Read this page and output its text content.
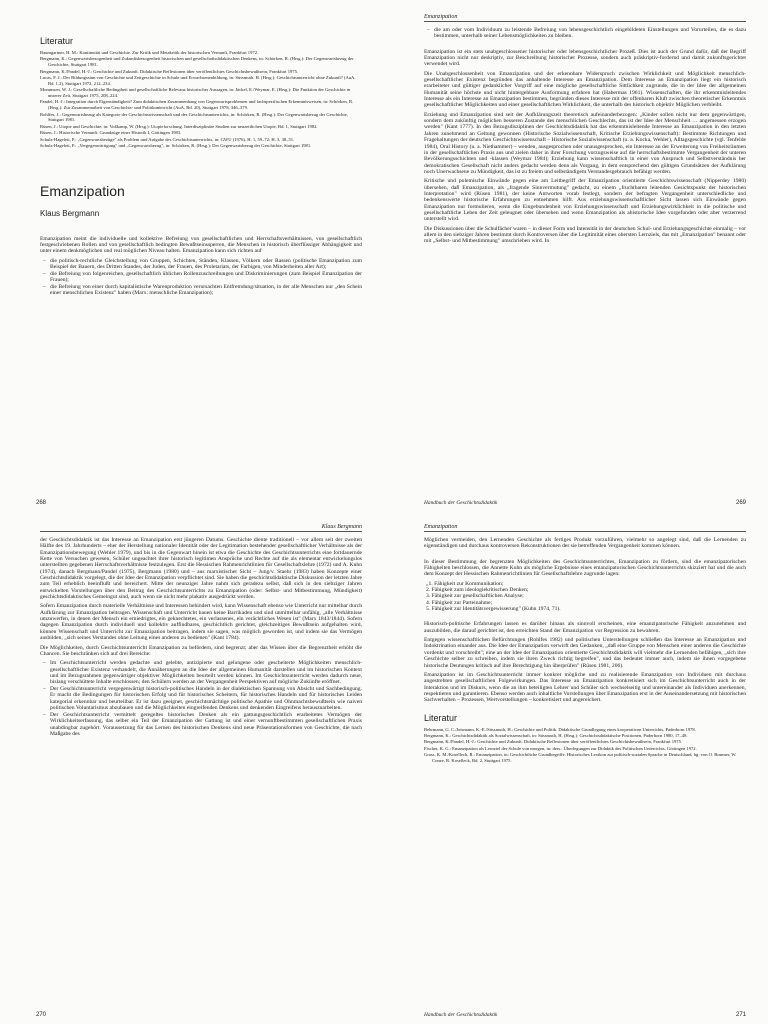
Literatur

Baumgartner, H. M.: Kontinuität und Geschichte. Zur Kritik und Metakritik der historischen Vernunft, Frankfurt 1972.

Bergmann, K.: Gegenwartsbezogenheit und Zukunftsbezogenheit historischen und gesellschaftsdidaktischen Denkens, in: Schörken, R. (Hrsg.): Der Gegenwartsbezug der Geschichte, Stuttgart 1981.

Bergmann, K./Pandel, H.-J.: Geschichte und Zukunft. Didaktische Reflexionen über veröffentlichtes Geschichtsbewußtsein, Frankfurt 1975.

Lucas, F. J.: Der Bildungssinn von Geschichte und Zeitgeschichte in Schule und Erwachsenenbildung, in: Süssmuth, H. (Hrsg.): Geschichtsunterricht ohne Zukunft? (AuA, Bd. 1,2), Stuttgart 1972, 212–234.

Mommsen, W. J.: Gesellschaftliche Bedingtheit und gesellschaftliche Relevanz historischer Aussagen, in: Jäckel, E./Weymar, E. (Hrsg.): Die Funktion der Geschichte in unserer Zeit, Stuttgart 1975, 208–224.

Pandel, H.-J.: Integration durch Eigenständigkeit? Zum didaktischen Zusammenhang von Gegenwartsproblemen und fachspezifischen Erkenntnisweisen, in: Schörken, R. (Hrsg.): Zur Zusammenarbeit von Geschichts- und Politikunterricht (AuA, Bd. 20), Stuttgart 1978, 346–379.

Rohlfes, J.: Gegenwartsbezug als Kategorie der Geschichtswissenschaft und des Geschichtsunterrichts, in: Schörken, R. (Hrsg.): Der Gegenwartsbezug der Geschichte, Stuttgart 1981.

Rüsen, J.: Utopie und Geschichte, in: Voßkamp, W. (Hrsg.): Utopieforschung. Interdisziplinäre Studien zur neuzeitlichen Utopie, Bd. 1, Stuttgart 1982.

Rüsen, J.: Historische Vernunft. Grundzüge einer Historik I, Göttingen 1983.

Schulz-Hageleit, P.: „Gegenwartsbezüge" als Problem und Aufgabe des Geschichtsunterrichts, in: GWU (1976), H. 1, 59–72; H. 3, 38–51.

Schulz-Hageleit, P.: „Vergegenwärtigung" und „Gegenwartsbezug", in: Schörken, R. (Hrsg.): Der Gegenwartsbezug der Geschichte, Stuttgart 1981.

Emanzipation

Klaus Bergmann

Emanzipation meint die individuelle und kollektive Befreiung von gesellschaftlichen und Herrschaftsverhältnissen, von gesellschaftlich festgeschriebenen Rollen und von gesellschaftlich bedingten Bewußtseinssperren, die Menschen in historisch überflüssiger Abhängigkeit und unter einem denkmöglichen und real möglichen Niveau halten. Emanzipation kann sich richten auf

– die politisch-rechtliche Gleichstellung von Gruppen, Schichten, Ständen, Klassen, Völkern oder Rassen (politische Emanzipation zum Beispiel der Bauern, des Dritten Standes, der Juden, der Frauen, des Proletariats, der Farbigen, von Minderheiten aller Art);
– die Befreiung von folgenreichen, gesellschaftlich üblichen Rollenzuschreibungen und Diskriminierungen (zum Beispiel Emanzipation der Frauen);
– die Befreiung von einer durch kapitalistische Warenproduktion verursachten Entfremdung/situation, in der alle Menschen nur „den Schein einer menschlichen Existenz" haben (Marx: menschliche Emanzipation);
268
Emanzipation
– die am oder vom Individuum zu leistende Befreiung von lebensgeschichtlich eingebildeten Einstellungen und Vorurteilen, die es dazu bestimmen, unterhalb seiner Lebensmöglichkeiten zu bleiben.

Emanzipation ist ein stets unabgeschlossener historischer oder lebensgeschichtlicher Prozeß. Dies ist auch der Grund dafür, daß der Begriff Emanzipation nicht nur deskriptiv, zur Beschreibung historischer Prozesse, sondern auch präskriptiv-fordernd und damit zukunftsgerichtet verwendet wird.

Die Unabgeschlossenheit von Emanzipation und der erkennbare Widerspruch zwischen Wirklichkeit und Möglichkeit menschlich-gesellschaftlicher Existenz begründen das anhaltende Interesse an Emanzipation. Dem Interesse an Emanzipation liegt ein historisch erarbeiteter und gültiger gedanklicher Vorgriff auf eine mögliche gesellschaftliche Sittlichkeit zugrunde, die in der Idee der allgemeinen Humanität seine höchste und nicht hintergehbare Ausformung erfahren hat (Habermas 1961). Wissenschaften, die ihr erkenntnisleitendes Interesse als ein Interesse an Emanzipation bestimmen, begründen dieses Interesse mit der offenbaren Kluft zwischen theoretischer Erkenntnis gesellschaftlicher Möglichkeiten und einer gesellschaftlichen Wirklichkeit, die unterhalb des historisch objektiv Möglichen verbleibt.

Erziehung und Emanzipation sind seit der Aufklärungszeit theoretisch aufeinanderbezogen: „Kinder sollen nicht nur dem gegenwärtigen, sondern dem zukünftig möglichen besseren Zustande des menschlichen Geschlechts, das ist der Idee der Menschheit … angemessen erzogen werden" (Kant 1777). In den Bezugsdisziplinen der Geschichtsdidaktik hat das erkenntnisleitende Interesse an Emanzipation in den letzten Jahren zunehmend an Geltung gewonnen (Historische Sozialwissenschaft, Kritische Erziehungswissenschaft): Bestimmte Richtungen und Fragehaltungen der deutschen Geschichtswissenschaft – Historische Sozialwissenschaft (u. a. Kocka, Wehler), Alltagsgeschichte (vgl. Tenfelde 1984), Oral History (u. a. Niethammer) – wenden, ausgesprochen oder unausgesprochen, ein Interesse an der Erweiterung von Freiheitsräumen in der gesellschaftlichen Praxis aus und zielen daher in ihrer Forschung vorzugsweise auf die herrschaftsbestimmte Vergangenheit der unteren Bevölkerungsschichten und -klassen (Weymar 1984); Erziehung kann wissenschaftlich in einer von Anspruch und Selbstverständnis her demokratischen Gesellschaft nicht anders gedacht werden denn als Vorgang, in dem entsprechend den gültigen Grundsätzen der Aufklärung noch Unerwachsene zu Mündigkeit, das ist zu freiem und selbständigem Verstandesgebrauch befähigt werden.

Kritische und polemische Einwände gegen eine am Leitbegriff der Emanzipation orientierte Geschichtswissenschaft (Nipperdey 1980) übersehen, daß Emanzipation, als „fragende Sinnvermutung" gedacht, zu einem „fruchtbaren leitenden Gesichtspunkt der historischen Interpretation" wird (Rüsen 1981), der keine Antworten vorab festlegt, sondern der befragten Vergangenheit unterschiedliche und bedenkenswerte historische Erfahrungen zu entnehmen hilft. Aus erziehungswissenschaftlicher Sicht lassen sich Einwände gegen Emanzipation nur formulieren, wenn die Eingebundenheit von Erziehungswissenschaft und Erziehungswirklichkeit in die politische und gesellschaftliche Leben der Zeit geleugnet oder übersehen und wenn Emanzipation als ahistorische Idee vorgefunden oder aber verzerrend unterstellt wird.

Die Diskussionen über die Schulfächer waren – in dieser Form und Intensität in der deutschen Schul- und Erziehungsgeschichte einmalig – vor allem in den siebziger Jahren bestimmt durch Kontroversen über die Legitimität eines obersten Lernziels, das mit „Emanzipation" benannt oder mit „Selbst- und Mitbestimmung" umschrieben wird. In

Handbuch der Geschichtsdidaktik	269
Klaus Bergmann

der Geschichtsdidaktik ist das Interesse an Emanzipation erst jüngeren Datums. Geschichte diente traditionell – vor allem seit der zweiten Hälfte des 19. Jahrhunderts – eher der Herstellung nationaler Identität oder der Legitimation bestehender gesellschaftlicher Verhältnisse als der Emanzipationsbewegung (Wehler 1979), und bis in die Gegenwart hinein ist etwa die Geschichte des Geschichtsunterrichts eine fortdauernde Kette von Versuchen gewesen, Schüler ungeachtet ihrer historisch legitimen Ansprüche und Rechte auf die als elementar entwickelungslos unterstellten gegebenen Herrschaftsverhältnisse festzulegen. Erst die Hessischen Rahmenrichtlinien für Gesellschaftslehre (1972) und A. Kuhn (1974), danach Bergmann/Pandel (1975), Bergmann (1980) und – aus marxistischer Sicht – Jung/v. Staehr (1983) haben Konzepte einer Geschichtsdidaktik vorgelegt, die der Idee der Emanzipation verpflichtet sind. Sie haben die geschichtsdidaktische Diskussion der letzten Jahre zum Teil erheblich beeinflußt und bereichert. Mitte der neunziger Jahre nahm sich geradezu selbst, daß sich in den siebziger Jahren entwickelten Vorstellungen über den Beitrag des Geschichtsunterrichts zu Emanzipation (oder: Selbst- und Mitbestimmung, Mündigkeit) geschichtsdidaktisches Gemeingut sind, auch wenn sie nicht mehr plakativ ausgedrückt werden.

Sofern Emanzipation durch materielle Verhältnisse und Interessen behindert wird, kann Wissenschaft ebenso wie Unterricht nur mittelbar durch Aufklärung zur Emanzipation beitragen. Wissenschaft und Unterricht bauen keine Barrikaden und sind unmittelbar unfähig, „alle Verhältnisse umzuwerfen, in denen der Mensch ein erniedrigtes, ein geknechtetes, ein verlassenes, ein verächtliches Wesen ist" (Marx 1843/1844). Sofern dagegen Emanzipation durch individuell und kollektiv auffindbares, geschichtlich gerichtet, gleichzeitiges Bewußtsein aufgehalten wird, können Wissenschaft und Unterricht zur Emanzipation beitragen, indem sie sagen, was möglich geworden ist, und indem sie das Vermögen ausbilden, „sich seines Verstandes ohne Leitung eines anderen zu bedienen" (Kant 1784).

Die Möglichkeiten, durch Geschichtsunterricht Emanzipation zu befördern, sind begrenzt; aber das Wissen über die Begrenztheit erhöht die Chancen. Sie beschränken sich auf drei Bereiche:

– Im Geschichtsunterricht werden gedachte und gelebte, antizipierte und gelungene oder gescheiterte Möglichkeiten menschlich-gesellschaftlicher Existenz verhandelt, die Annäherungen an die Idee der allgemeinen Humanität darstellen und im historischen Kontext und im Bezugsrahmen gegenwärtiger objektiver Möglichkeiten beurteilt werden können. Im Geschichtsunterricht werden dadurch neue, bislang verschüttete Inhalte erschlossen; den Schülern werden an der Vergangenheit Perspektiven auf mögliche Zukünfte eröffnet.
– Der Geschichtsunterricht vergegenwärtigt historisch-politisches Handeln in der dialektischen Spannung von Absicht und Sachbedingung. Er macht die Bedingungen für historischen Erfolg und für historisches Scheitern, für historisches Handeln und für historisches Leiden kategorial erkennbar und beurteilbar. Er ist dazu geeignet, geschichtsmächtige politische Apathie und Ohnmachtsbewußtsein wie naiven politischen Voluntarismus abzubauen und die Möglichkeiten eingreifenden Denkens und denkenden Eingreifens herauszuarbeiten.
– Der Geschichtsunterricht vermittelt geregeltes historisches Denken als ein gattungsgeschichtlich erarbeitetes Vermögen der Wirklichkeitserfassung, das selber ein Teil der Emanzipation der Gattung ist und einer vernunftbestimmten gesellschaftlichen Praxis unabdingbar zugehört. Voraussetzung für das Lernen des historischen Denkens sind neue Präsentationsformen von Geschichte, die nach Maßgabe des
270
Emanzipation

Möglichen vermeiden, den Lernenden Geschichte als fertiges Produkt vorzuführen, vielmehr so angelegt sind, daß die Lernenden zu eigenständigen und durchaus kontroversen Rekonstruktionen der sie betreffenden Vergangenheit kommen können.

In dieser Bestimmung der begrenzten Möglichkeiten des Geschichtsunterrichtes, Emanzipation zu fördern, sind die emanzipatorischen Fähigkeiten beschlossen, die Annette Kuhn als mögliche Ergebnisse eines emanzipatorischen Geschichtsunterrichts skizziert hat und die auch dem Konzept der Hessischen Rahmenrichtlinien für Gesellschaftslehre zugrunde lagen:

„1. Fähigkeit zur Kommunikation;
2. Fähigkeit zum ideologiekritischen Denken;
3. Fähigkeit zur gesellschaftlichen Analyse;
4. Fähigkeit zur Parteinahme;
5. Fähigkeit zur Identitätsvergewisserung" (Kuhn 1974, 71).

Historisch-politische Erfahrungen lassen es darüber hinaus als sinnvoll erscheinen, eine emanzipatorische Fähigkeit anzunehmen und auszubilden, die darauf gerichtet ist, den erreichten Stand der Emanzipation vor Regression zu bewahren.

Entgegen wissenschaftlichen Befürchtungen (Rohlfes 1982) und politischen Unterstellungen schließen das Interesse an Emanzipation und Indoktrination einander aus. Die Idee der Emanzipation verwirft den Gedanken, „daß eine Gruppe von Menschen einer anderen die Geschichte vordenkt und vorschreibt"; eine an der Idee der Emanzipation orientierte Geschichtsdidaktik will vielmehr die Lernenden befähigen, „sich ihre Geschichte selber zu schreiben, indem sie ihren Zweck richtig begreifen", und das bedeutet immer auch, indem sie ihnen vorgegebene historische Deutungen kritisch auf ihre Berechtigung hin überprüfen" (Rüsen 1981, 206).

Emanzipation ist im Geschichtsunterricht immer konkret mögliche und zu realisierende Emanzipation von Individuen mit durchaus angestrebten gesellschaftlichen Folgewirkungen. Das Interesse an Emanzipation konkretisiert sich im Geschichtsunterricht auch in der Interaktion und im Diskurs, wenn die an ihm beteiligten Lehrer und Schüler sich wechselseitig und untereinander als Individuen anerkennen, respektieren und garantieren. Ebenso werden auch inhaltliche Vorstellungen über Emanzipation erst in der Auseinandersetzung mit historischen Sachverhalten – Prozessen, Wertvorstellungen – konkretisiert und angereichert.

Literatur

Behrmann, G. C./Jeismann, K.-E./Süssmuth, H.: Geschichte und Politik. Didaktische Grundlegung eines kooperativen Unterrichts, Paderborn 1978.

Bergmann, K.: Geschichtsdidaktik als Sozialwissenschaft, in: Süssmuth, H. (Hrsg.): Geschichtsdidaktische Positionen, Paderborn 1980, 17–48.

Bergmann, K./Pandel, H.-J.: Geschichte und Zukunft. Didaktische Reflexionen über veröffentlichtes Geschichtsbewußtsein, Frankfurt 1975.

Fischer, K. G.: Emanzipation als Lernziel der Schule von morgen, in: ders.: Überlegungen zur Didaktik des Politischen Unterrichts, Göttingen 1972.

Grass, K. M./Koselleck, R.: Emanzipation, in: Geschichtliche Grundbegriffe. Historisches Lexikon zur politisch-sozialen Sprache in Deutschland, hg. von O. Brunner, W. Conze, R. Koselleck, Bd. 2, Stuttgart 1975.

Handbuch der Geschichtsdidaktik	271
